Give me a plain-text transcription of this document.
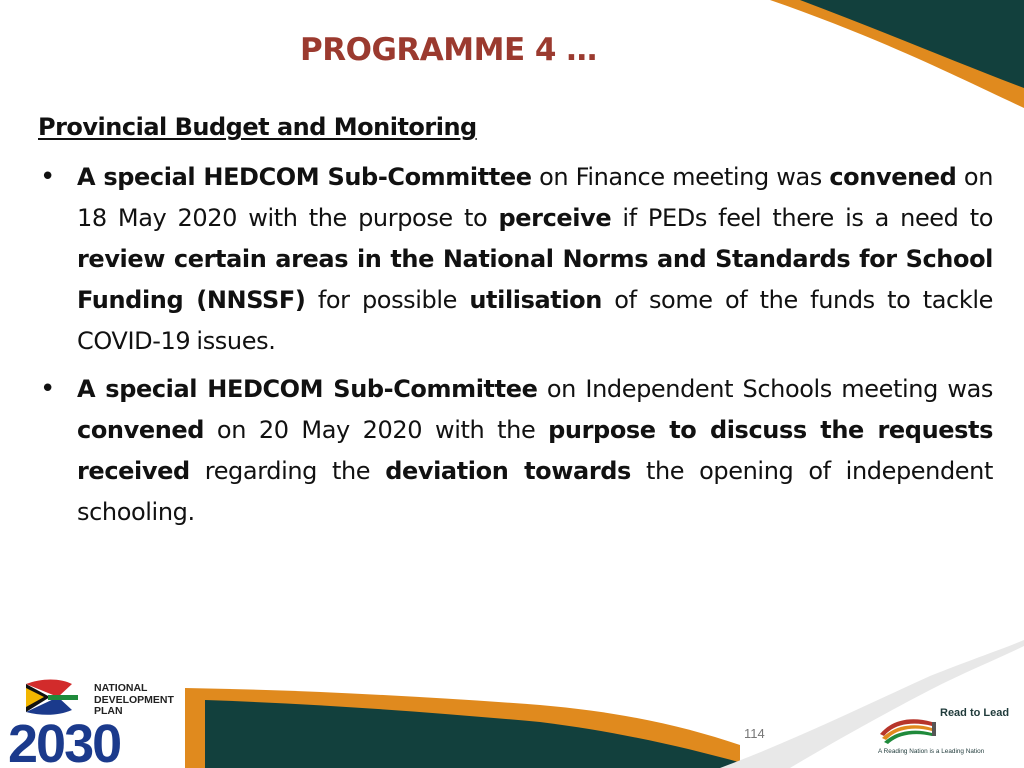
PROGRAMME 4 …
Provincial Budget and Monitoring
• A special HEDCOM Sub-Committee on Finance meeting was convened on 18 May 2020 with the purpose to perceive if PEDs feel there is a need to review certain areas in the National Norms and Standards for School Funding (NNSSF) for possible utilisation of some of the funds to tackle COVID-19 issues.
• A special HEDCOM Sub-Committee on Independent Schools meeting was convened on 20 May 2020 with the purpose to discuss the requests received regarding the deviation towards the opening of independent schooling.
114
NATIONAL
DEVELOPMENT
PLAN
2030
Read to Lead
A Reading Nation is a Leading Nation
